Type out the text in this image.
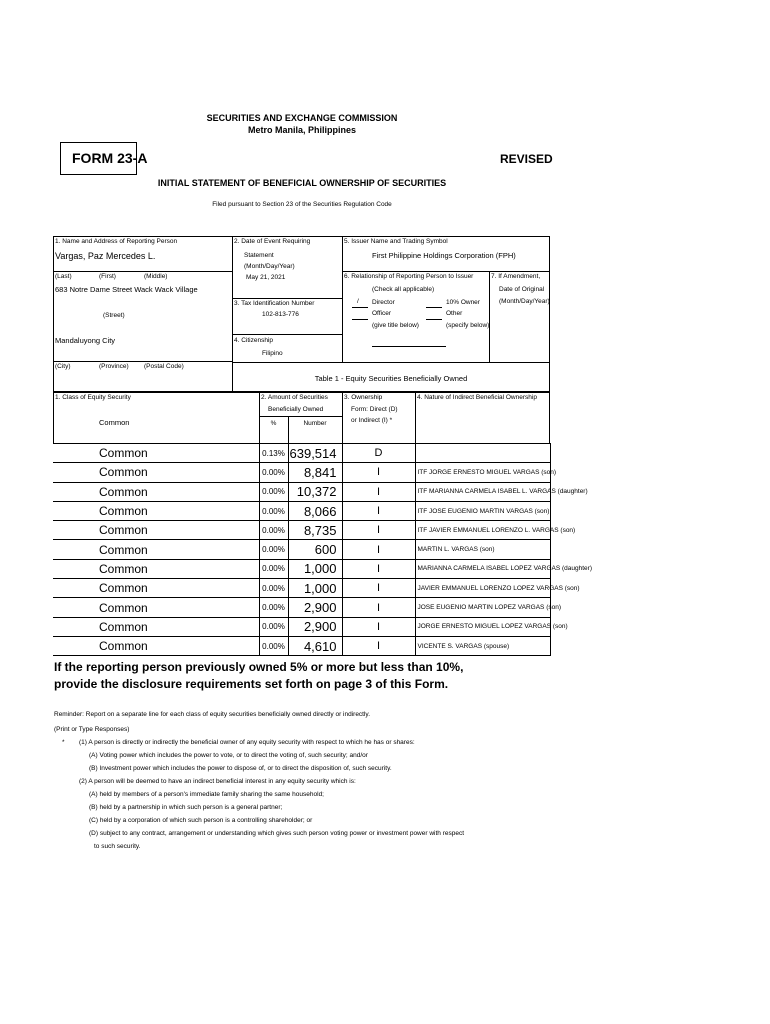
SECURITIES AND EXCHANGE COMMISSION
Metro Manila, Philippines
FORM 23-A	REVISED
INITIAL STATEMENT OF BENEFICIAL OWNERSHIP OF SECURITIES
Filed pursuant to Section 23 of the Securities Regulation Code
1. Name and Address of Reporting Person
Vargas, Paz Mercedes L.
(Last)	(First)	(Middle)
683 Notre Dame Street Wack Wack Village
(Street)
Mandaluyong City
(City)	(Province) (Postal Code)
2. Date of Event Requiring
Statement
(Month/Day/Year)
May 21, 2021
3. Tax Identification Number
102-813-776
4. Citizenship
Filipino
5. Issuer Name and Trading Symbol
First Philippine Holdings Corporation (FPH)
6. Relationship of Reporting Person to Issuer
(Check all applicable)
/ Director
Officer
(give title below)
10% Owner
Other
(specify below)
7. If Amendment,
Date of Original
(Month/Day/Year)
Table 1 - Equity Securities Beneficially Owned
1. Class of Equity Security
Common
2. Amount of Securities
Beneficially Owned
%	Number
3. Ownership
Form: Direct (D)
or Indirect (I) *
4. Nature of Indirect Beneficial Ownership
Common	0.13%	639,514	D	
Common	0.00%	8,841	I	ITF JORGE ERNESTO MIGUEL VARGAS (son)
Common	0.00%	10,372	I	ITF MARIANNA CARMELA ISABEL L. VARGAS (daughter)
Common	0.00%	8,066	I	ITF JOSE EUGENIO MARTIN VARGAS (son)
Common	0.00%	8,735	I	ITF JAVIER EMMANUEL LORENZO L. VARGAS (son)
Common	0.00%	600	I	MARTIN L. VARGAS (son)
Common	0.00%	1,000	I	MARIANNA CARMELA ISABEL LOPEZ VARGAS (daughter)
Common	0.00%	1,000	I	JAVIER EMMANUEL LORENZO LOPEZ VARGAS (son)
Common	0.00%	2,900	I	JOSE EUGENIO MARTIN LOPEZ VARGAS (son)
Common	0.00%	2,900	I	JORGE ERNESTO MIGUEL LOPEZ VARGAS (son)
Common	0.00%	4,610	I	VICENTE S. VARGAS (spouse)
If the reporting person previously owned 5% or more but less than 10%,
provide the disclosure requirements set forth on page 3 of this Form.
Reminder: Report on a separate line for each class of equity securities beneficially owned directly or indirectly.
(Print or Type Responses)
* (1) A person is directly or indirectly the beneficial owner of any equity security with respect to which he has or shares:
(A) Voting power which includes the power to vote, or to direct the voting of, such security; and/or
(B) Investment power which includes the power to dispose of, or to direct the disposition of, such security.
(2) A person will be deemed to have an indirect beneficial interest in any equity security which is:
(A) held by members of a person's immediate family sharing the same household;
(B) held by a partnership in which such person is a general partner;
(C) held by a corporation of which such person is a controlling shareholder; or
(D) subject to any contract, arrangement or understanding which gives such person voting power or investment power with respect
to such security.
